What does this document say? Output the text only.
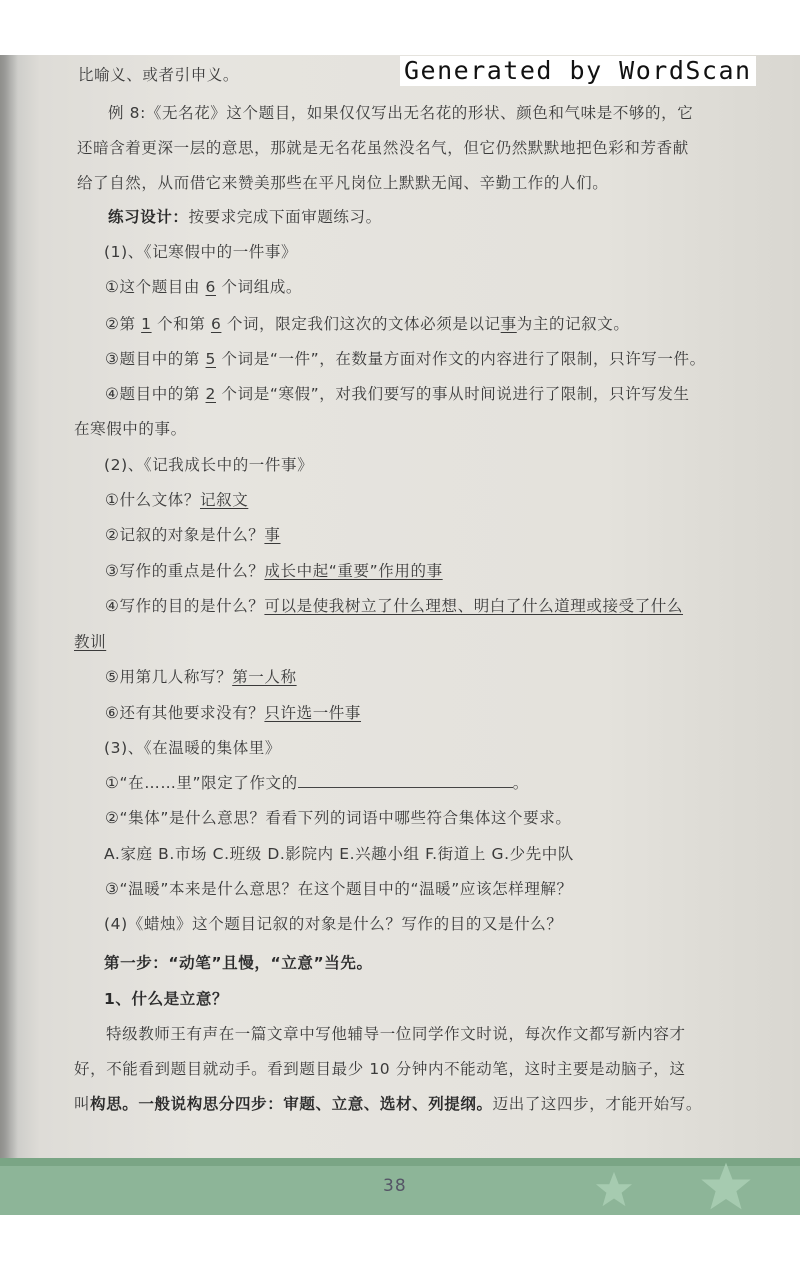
Generated by WordScan
比喻义、或者引申义。
例 8:《无名花》这个题目，如果仅仅写出无名花的形状、颜色和气味是不够的，它
还暗含着更深一层的意思，那就是无名花虽然没名气，但它仍然默默地把色彩和芳香献
给了自然，从而借它来赞美那些在平凡岗位上默默无闻、辛勤工作的人们。
练习设计：按要求完成下面审题练习。
(1)、《记寒假中的一件事》
①这个题目由 6 个词组成。
②第 1 个和第 6 个词，限定我们这次的文体必须是以记事为主的记叙文。
③题目中的第 5 个词是“一件”，在数量方面对作文的内容进行了限制，只许写一件。
④题目中的第 2 个词是“寒假”，对我们要写的事从时间说进行了限制，只许写发生
在寒假中的事。
(2)、《记我成长中的一件事》
①什么文体？记叙文
②记叙的对象是什么？事
③写作的重点是什么？成长中起“重要”作用的事
④写作的目的是什么？可以是使我树立了什么理想、明白了什么道理或接受了什么
教训
⑤用第几人称写？第一人称
⑥还有其他要求没有？只许选一件事
(3)、《在温暖的集体里》
①“在……里”限定了作文的	。
②“集体”是什么意思？看看下列的词语中哪些符合集体这个要求。
A.家庭 B.市场 C.班级 D.影院内 E.兴趣小组 F.街道上 G.少先中队
③“温暖”本来是什么意思？在这个题目中的“温暖”应该怎样理解？
(4)《蜡烛》这个题目记叙的对象是什么？写作的目的又是什么？
第一步：“动笔”且慢，“立意”当先。
1、什么是立意？
特级教师王有声在一篇文章中写他辅导一位同学作文时说，每次作文都写新内容才
好，不能看到题目就动手。看到题目最少 10 分钟内不能动笔，这时主要是动脑子，这
叫构思。一般说构思分四步：审题、立意、选材、列提纲。迈出了这四步，才能开始写。
38
